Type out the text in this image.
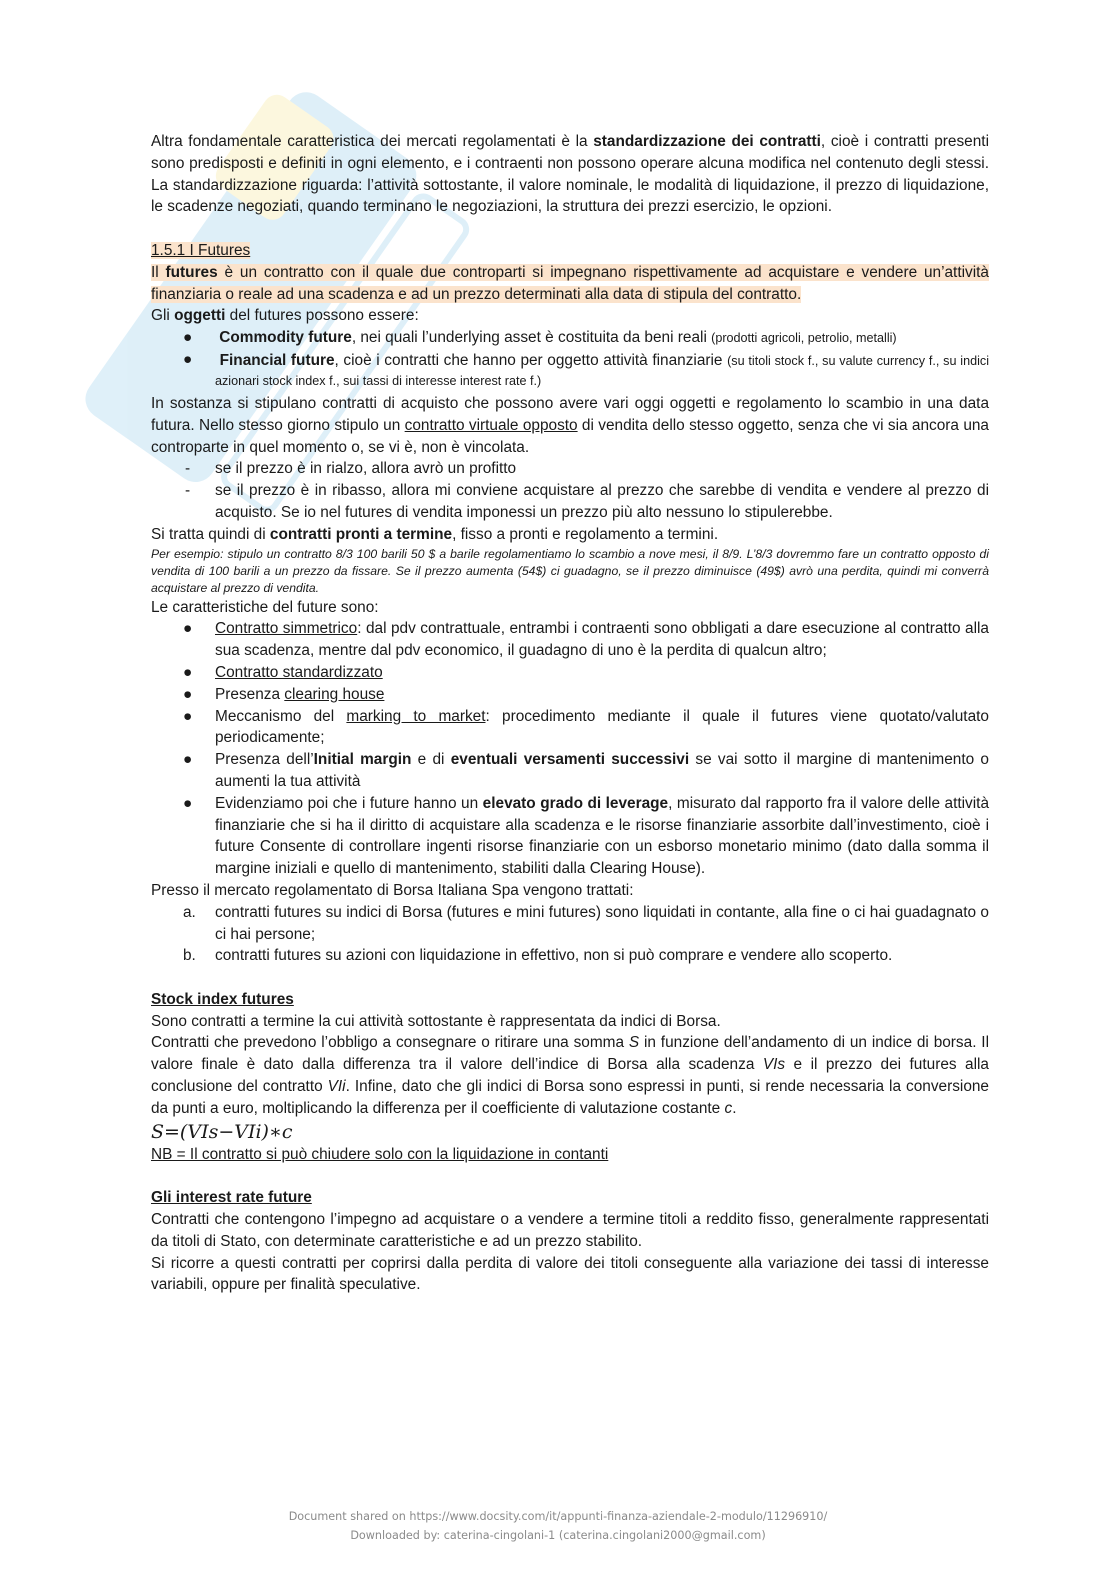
Altra fondamentale caratteristica dei mercati regolamentati è la standardizzazione dei contratti, cioè i contratti presenti sono predisposti e definiti in ogni elemento, e i contraenti non possono operare alcuna modifica nel contenuto degli stessi. La standardizzazione riguarda: l’attività sottostante, il valore nominale, le modalità di liquidazione, il prezzo di liquidazione, le scadenze negoziati, quando terminano le negoziazioni, la struttura dei prezzi esercizio, le opzioni.

1.5.1 I Futures

Il futures è un contratto con il quale due controparti si impegnano rispettivamente ad acquistare e vendere un’attività finanziaria o reale ad una scadenza e ad un prezzo determinati alla data di stipula del contratto.

Gli oggetti del futures possono essere:

● Commodity future, nei quali l’underlying asset è costituita da beni reali (prodotti agricoli, petrolio, metalli)
● Financial future, cioè i contratti che hanno per oggetto attività finanziarie (su titoli stock f., su valute currency f., su indici azionari stock index f., sui tassi di interesse interest rate f.)

In sostanza si stipulano contratti di acquisto che possono avere vari oggi oggetti e regolamento lo scambio in una data futura. Nello stesso giorno stipulo un contratto virtuale opposto di vendita dello stesso oggetto, senza che vi sia ancora una controparte in quel momento o, se vi è, non è vincolata.

- se il prezzo è in rialzo, allora avrò un profitto
- se il prezzo è in ribasso, allora mi conviene acquistare al prezzo che sarebbe di vendita e vendere al prezzo di acquisto. Se io nel futures di vendita imponessi un prezzo più alto nessuno lo stipulerebbe.

Si tratta quindi di contratti pronti a termine, fisso a pronti e regolamento a termini.

Per esempio: stipulo un contratto 8/3 100 barili 50 $ a barile regolamentiamo lo scambio a nove mesi, il 8/9. L’8/3 dovremmo fare un contratto opposto di vendita di 100 barili a un prezzo da fissare. Se il prezzo aumenta (54$) ci guadagno, se il prezzo diminuisce (49$) avrò una perdita, quindi mi converrà acquistare al prezzo di vendita.

Le caratteristiche del future sono:

● Contratto simmetrico: dal pdv contrattuale, entrambi i contraenti sono obbligati a dare esecuzione al contratto alla sua scadenza, mentre dal pdv economico, il guadagno di uno è la perdita di qualcun altro;
● Contratto standardizzato
● Presenza clearing house
● Meccanismo del marking to market: procedimento mediante il quale il futures viene quotato/valutato periodicamente;
● Presenza dell’Initial margin e di eventuali versamenti successivi se vai sotto il margine di mantenimento o aumenti la tua attività
● Evidenziamo poi che i future hanno un elevato grado di leverage, misurato dal rapporto fra il valore delle attività finanziarie che si ha il diritto di acquistare alla scadenza e le risorse finanziarie assorbite dall’investimento, cioè i future Consente di controllare ingenti risorse finanziarie con un esborso monetario minimo (dato dalla somma il margine iniziali e quello di mantenimento, stabiliti dalla Clearing House).

Presso il mercato regolamentato di Borsa Italiana Spa vengono trattati:

a. contratti futures su indici di Borsa (futures e mini futures) sono liquidati in contante, alla fine o ci hai guadagnato o ci hai persone;
b. contratti futures su azioni con liquidazione in effettivo, non si può comprare e vendere allo scoperto.

Stock index futures

Sono contratti a termine la cui attività sottostante è rappresentata da indici di Borsa.

Contratti che prevedono l’obbligo a consegnare o ritirare una somma S in funzione dell’andamento di un indice di borsa. Il valore finale è dato dalla differenza tra il valore dell’indice di Borsa alla scadenza VIs e il prezzo dei futures alla conclusione del contratto VIi. Infine, dato che gli indici di Borsa sono espressi in punti, si rende necessaria la conversione da punti a euro, moltiplicando la differenza per il coefficiente di valutazione costante c.

S=(VIs−VIi)∗c

NB = Il contratto si può chiudere solo con la liquidazione in contanti

Gli interest rate future

Contratti che contengono l’impegno ad acquistare o a vendere a termine titoli a reddito fisso, generalmente rappresentati da titoli di Stato, con determinate caratteristiche e ad un prezzo stabilito.

Si ricorre a questi contratti per coprirsi dalla perdita di valore dei titoli conseguente alla variazione dei tassi di interesse variabili, oppure per finalità speculative.

Document shared on https://www.docsity.com/it/appunti-finanza-aziendale-2-modulo/11296910/
Downloaded by: caterina-cingolani-1 (caterina.cingolani2000@gmail.com)
